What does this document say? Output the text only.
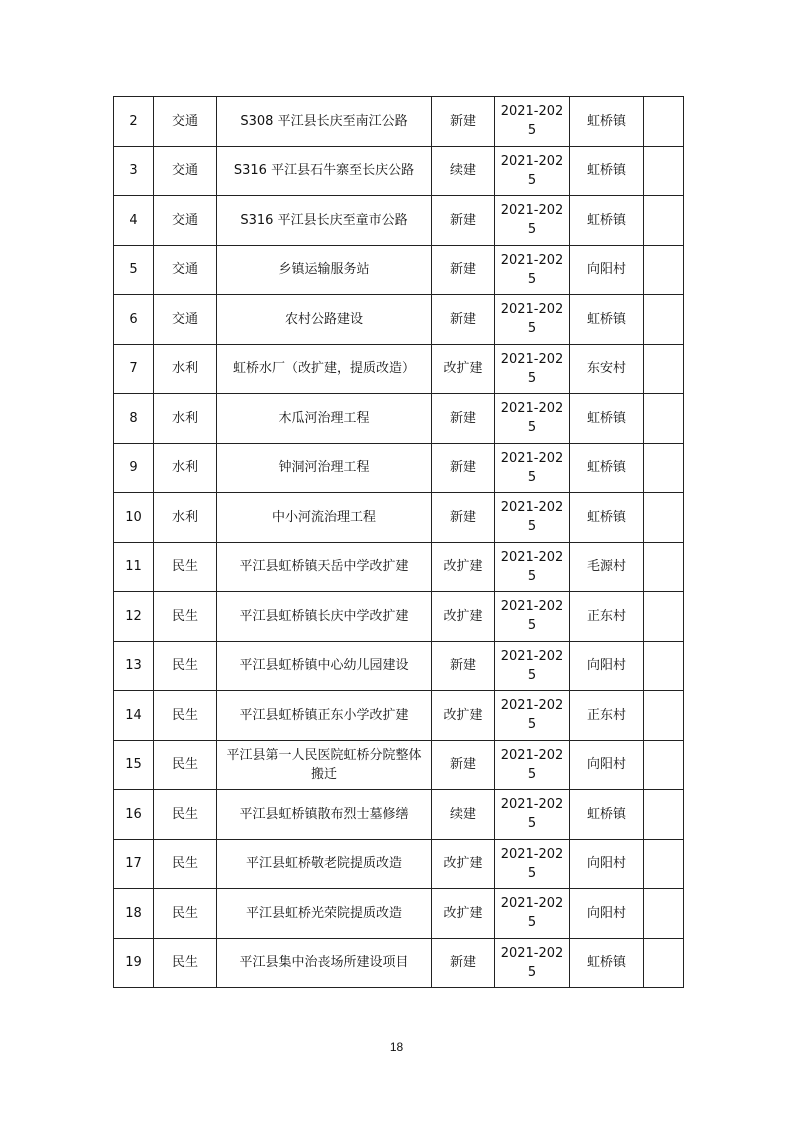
2	交通	S308 平江县长庆至南江公路	新建	2021-2025	虹桥镇	
3	交通	S316 平江县石牛寨至长庆公路	续建	2021-2025	虹桥镇	
4	交通	S316 平江县长庆至童市公路	新建	2021-2025	虹桥镇	
5	交通	乡镇运输服务站	新建	2021-2025	向阳村	
6	交通	农村公路建设	新建	2021-2025	虹桥镇	
7	水利	虹桥水厂（改扩建，提质改造）	改扩建	2021-2025	东安村	
8	水利	木瓜河治理工程	新建	2021-2025	虹桥镇	
9	水利	钟洞河治理工程	新建	2021-2025	虹桥镇	
10	水利	中小河流治理工程	新建	2021-2025	虹桥镇	
11	民生	平江县虹桥镇天岳中学改扩建	改扩建	2021-2025	毛源村	
12	民生	平江县虹桥镇长庆中学改扩建	改扩建	2021-2025	正东村	
13	民生	平江县虹桥镇中心幼儿园建设	新建	2021-2025	向阳村	
14	民生	平江县虹桥镇正东小学改扩建	改扩建	2021-2025	正东村	
15	民生	平江县第一人民医院虹桥分院整体搬迁	新建	2021-2025	向阳村	
16	民生	平江县虹桥镇散布烈士墓修缮	续建	2021-2025	虹桥镇	
17	民生	平江县虹桥敬老院提质改造	改扩建	2021-2025	向阳村	
18	民生	平江县虹桥光荣院提质改造	改扩建	2021-2025	向阳村	
19	民生	平江县集中治丧场所建设项目	新建	2021-2025	虹桥镇	
18
